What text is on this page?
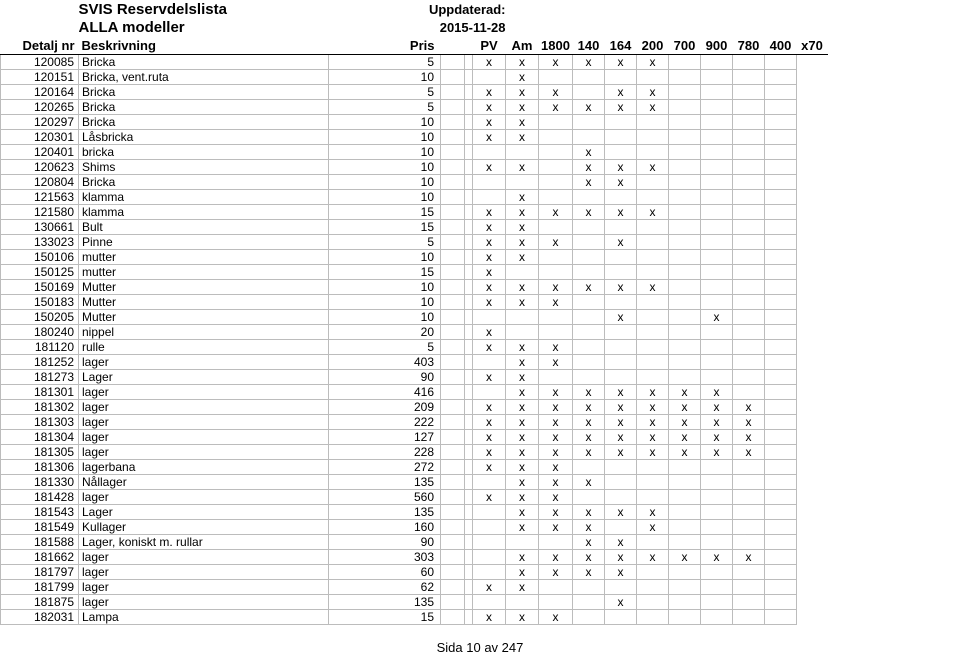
	SVIS Reservdelslista	Uppdaterad:													
	ALLA modeller	2015-11-28													
Detalj nr	Beskrivning	Pris			PV	Am	1800	140	164	200	700	900	780	400	x70
120085	Bricka	5			x	x	x	x	x	x					
120151	Bricka, vent.ruta	10				x									
120164	Bricka	5			x	x	x		x	x					
120265	Bricka	5			x	x	x	x	x	x					
120297	Bricka	10			x	x									
120301	Låsbricka	10			x	x									
120401	bricka	10						x							
120623	Shims	10			x	x		x	x	x					
120804	Bricka	10						x	x						
121563	klamma	10				x									
121580	klamma	15			x	x	x	x	x	x					
130661	Bult	15			x	x									
133023	Pinne	5			x	x	x		x						
150106	mutter	10			x	x									
150125	mutter	15			x										
150169	Mutter	10			x	x	x	x	x	x					
150183	Mutter	10			x	x	x								
150205	Mutter	10							x			x			
180240	nippel	20			x										
181120	rulle	5			x	x	x								
181252	lager	403				x	x								
181273	Lager	90			x	x									
181301	lager	416				x	x	x	x	x	x	x			
181302	lager	209			x	x	x	x	x	x	x	x	x		
181303	lager	222			x	x	x	x	x	x	x	x	x		
181304	lager	127			x	x	x	x	x	x	x	x	x		
181305	lager	228			x	x	x	x	x	x	x	x	x		
181306	lagerbana	272			x	x	x								
181330	Nållager	135				x	x	x							
181428	lager	560			x	x	x								
181543	Lager	135				x	x	x	x	x					
181549	Kullager	160				x	x	x		x					
181588	Lager, koniskt m. rullar	90						x	x						
181662	lager	303				x	x	x	x	x	x	x	x		
181797	lager	60				x	x	x	x						
181799	lager	62			x	x									
181875	lager	135							x						
182031	Lampa	15			x	x	x								
Sida 10 av 247
